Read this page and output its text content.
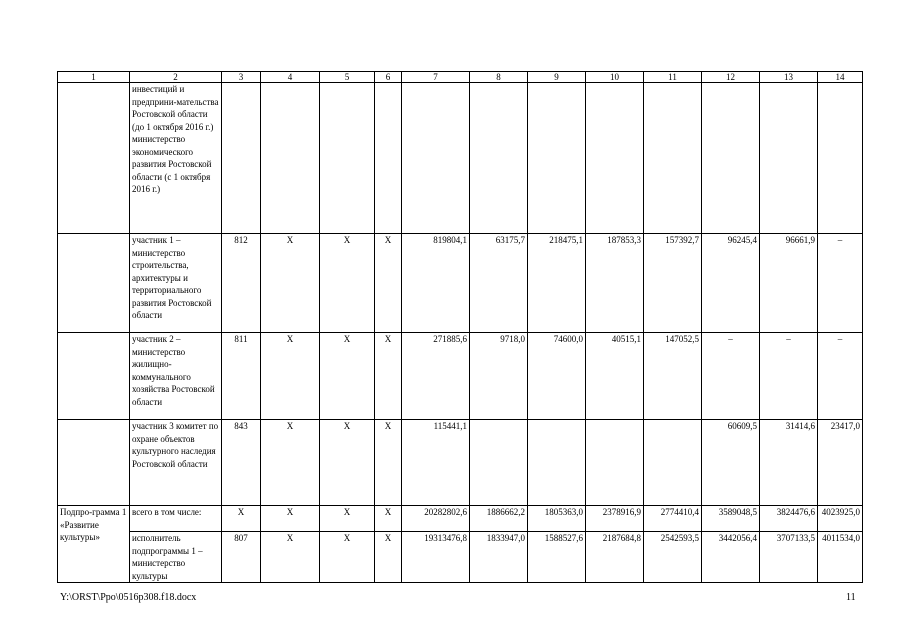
1	2	3	4	5	6	7	8	9	10	11	12	13	14
	инвестиций и предприни-мательства Ростовской области (до 1 октября 2016 г.) министерство экономического развития Ростовской области (с 1 октября 2016 г.)												
	участник 1 – министерство строительства, архитектуры и территориального развития Ростовской области	812	Х	Х	Х	819804,1	63175,7	218475,1	187853,3	157392,7	96245,4	96661,9	–
	участник 2 – министерство жилищно-коммунального хозяйства Ростовской области	811	Х	Х	Х	271885,6	9718,0	74600,0	40515,1	147052,5	–	–	–
	участник 3 комитет по охране объектов культурного наследия Ростовской области	843	Х	Х	Х	115441,1					60609,5	31414,6	23417,0
Подпро-грамма 1 «Развитие культуры»	всего в том числе:	Х	Х	Х	Х	20282802,6	1886662,2	1805363,0	2378916,9	2774410,4	3589048,5	3824476,6	4023925,0
	исполнитель подпрограммы 1 – министерство культуры	807	Х	Х	Х	19313476,8	1833947,0	1588527,6	2187684,8	2542593,5	3442056,4	3707133,5	4011534,0
Y:\ORST\Ppo\0516p308.f18.docx	11
